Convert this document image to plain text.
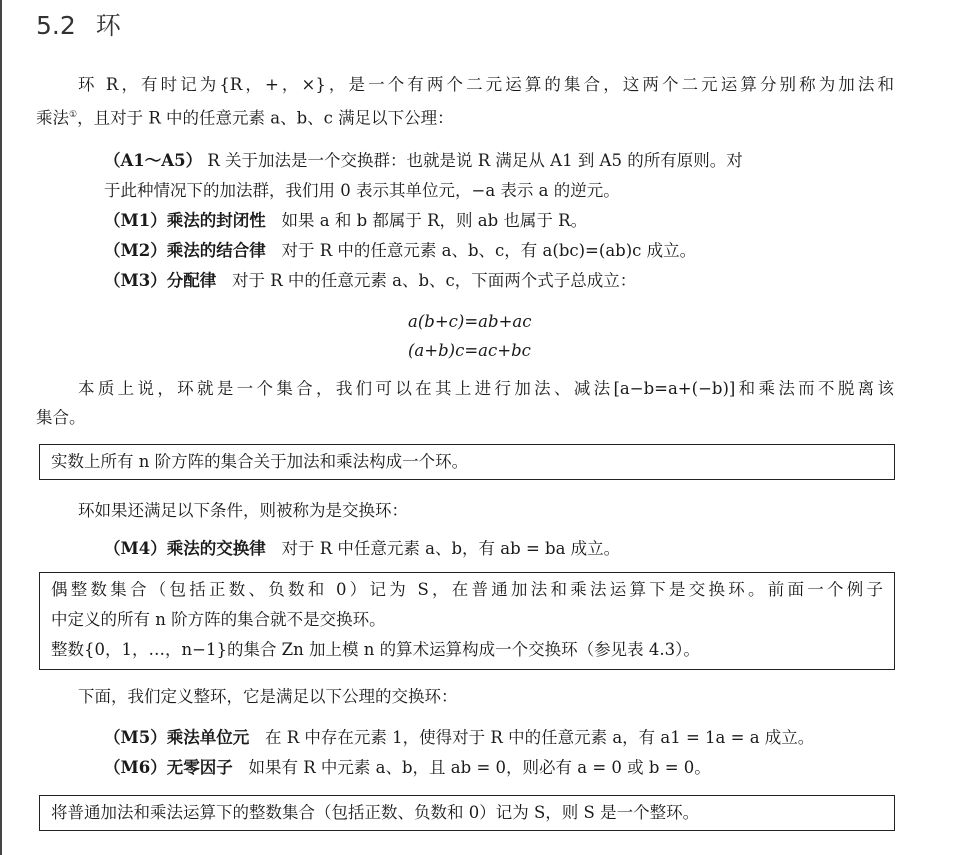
5.2 环
环 R，有时记为{R，+，×}，是一个有两个二元运算的集合，这两个二元运算分别称为加法和
乘法①，且对于 R 中的任意元素 a、b、c 满足以下公理：
（A1～A5） R 关于加法是一个交换群：也就是说 R 满足从 A1 到 A5 的所有原则。对
于此种情况下的加法群，我们用 0 表示其单位元，−a 表示 a 的逆元。
（M1）乘法的封闭性 如果 a 和 b 都属于 R，则 ab 也属于 R。
（M2）乘法的结合律 对于 R 中的任意元素 a、b、c，有 a(bc)=(ab)c 成立。
（M3）分配律 对于 R 中的任意元素 a、b、c，下面两个式子总成立：
a(b+c)=ab+ac
(a+b)c=ac+bc
本质上说，环就是一个集合，我们可以在其上进行加法、减法[a−b=a+(−b)]和乘法而不脱离该
集合。
实数上所有 n 阶方阵的集合关于加法和乘法构成一个环。
环如果还满足以下条件，则被称为是交换环：
（M4）乘法的交换律 对于 R 中任意元素 a、b，有 ab = ba 成立。
偶整数集合（包括正数、负数和 0）记为 S，在普通加法和乘法运算下是交换环。前面一个例子
中定义的所有 n 阶方阵的集合就不是交换环。
整数{0，1，…，n−1}的集合 Zn 加上模 n 的算术运算构成一个交换环（参见表 4.3）。
下面，我们定义整环，它是满足以下公理的交换环：
（M5）乘法单位元 在 R 中存在元素 1，使得对于 R 中的任意元素 a，有 a1 = 1a = a 成立。
（M6）无零因子 如果有 R 中元素 a、b，且 ab = 0，则必有 a = 0 或 b = 0。
将普通加法和乘法运算下的整数集合（包括正数、负数和 0）记为 S，则 S 是一个整环。
